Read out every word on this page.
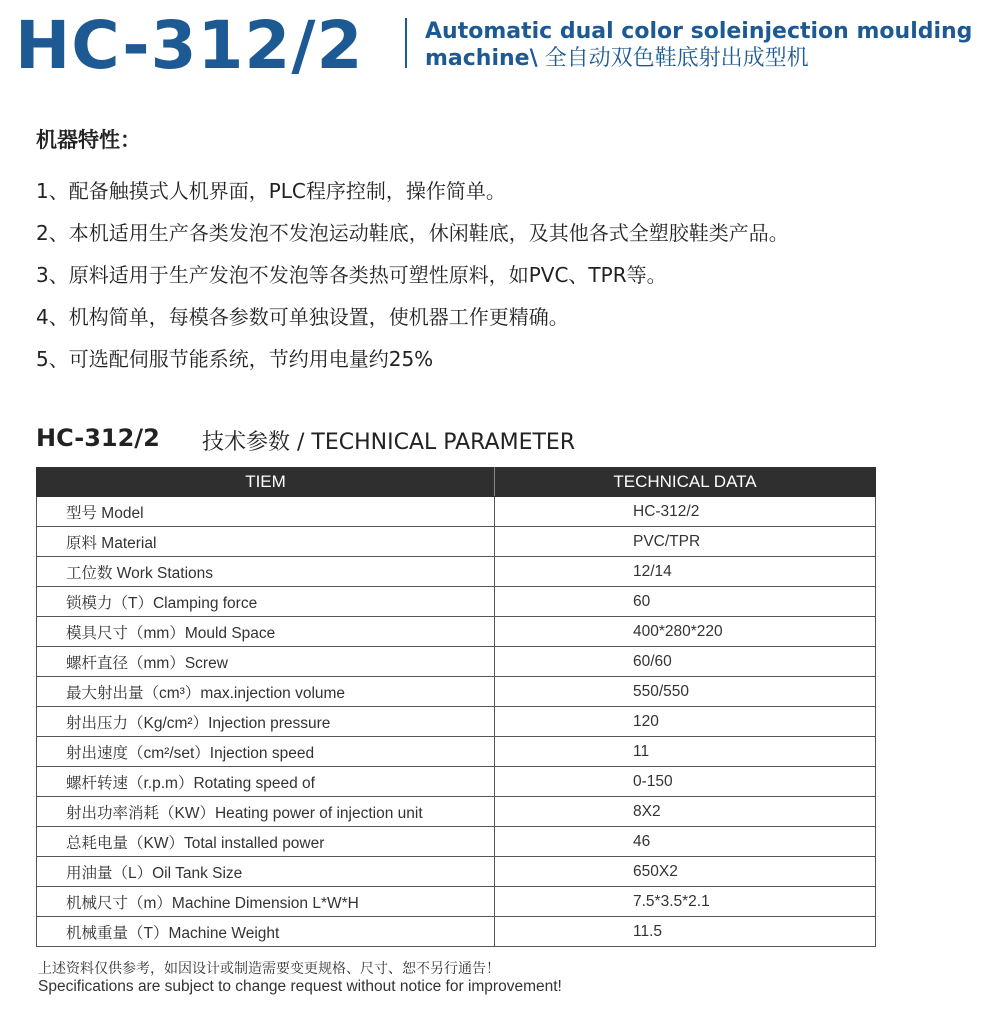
HC-312/2	Automatic dual color soleinjection moulding
machine\ 全自动双色鞋底射出成型机
机器特性：
1、配备触摸式人机界面，PLC程序控制，操作简单。
2、本机适用生产各类发泡不发泡运动鞋底，休闲鞋底，及其他各式全塑胶鞋类产品。
3、原料适用于生产发泡不发泡等各类热可塑性原料，如PVC、TPR等。
4、机构简单，每模各参数可单独设置，使机器工作更精确。
5、可选配伺服节能系统，节约用电量约25%
HC-312/2 技术参数 / TECHNICAL PARAMETER
TIEM	TECHNICAL DATA
型号 Model	HC-312/2
原料 Material	PVC/TPR
工位数 Work Stations	12/14
锁模力（T）Clamping force	60
模具尺寸（mm）Mould Space	400*280*220
螺杆直径（mm）Screw	60/60
最大射出量（cm³）max.injection volume	550/550
射出压力（Kg/cm²）Injection pressure	120
射出速度（cm²/set）Injection speed	11
螺杆转速（r.p.m）Rotating speed of	0-150
射出功率消耗（KW）Heating power of injection unit	8X2
总耗电量（KW）Total installed power	46
用油量（L）Oil Tank Size	650X2
机械尺寸（m）Machine Dimension L*W*H	7.5*3.5*2.1
机械重量（T）Machine Weight	11.5
上述资料仅供参考，如因设计或制造需要变更规格、尺寸、恕不另行通告！
Specifications are subject to change request without notice for improvement!
